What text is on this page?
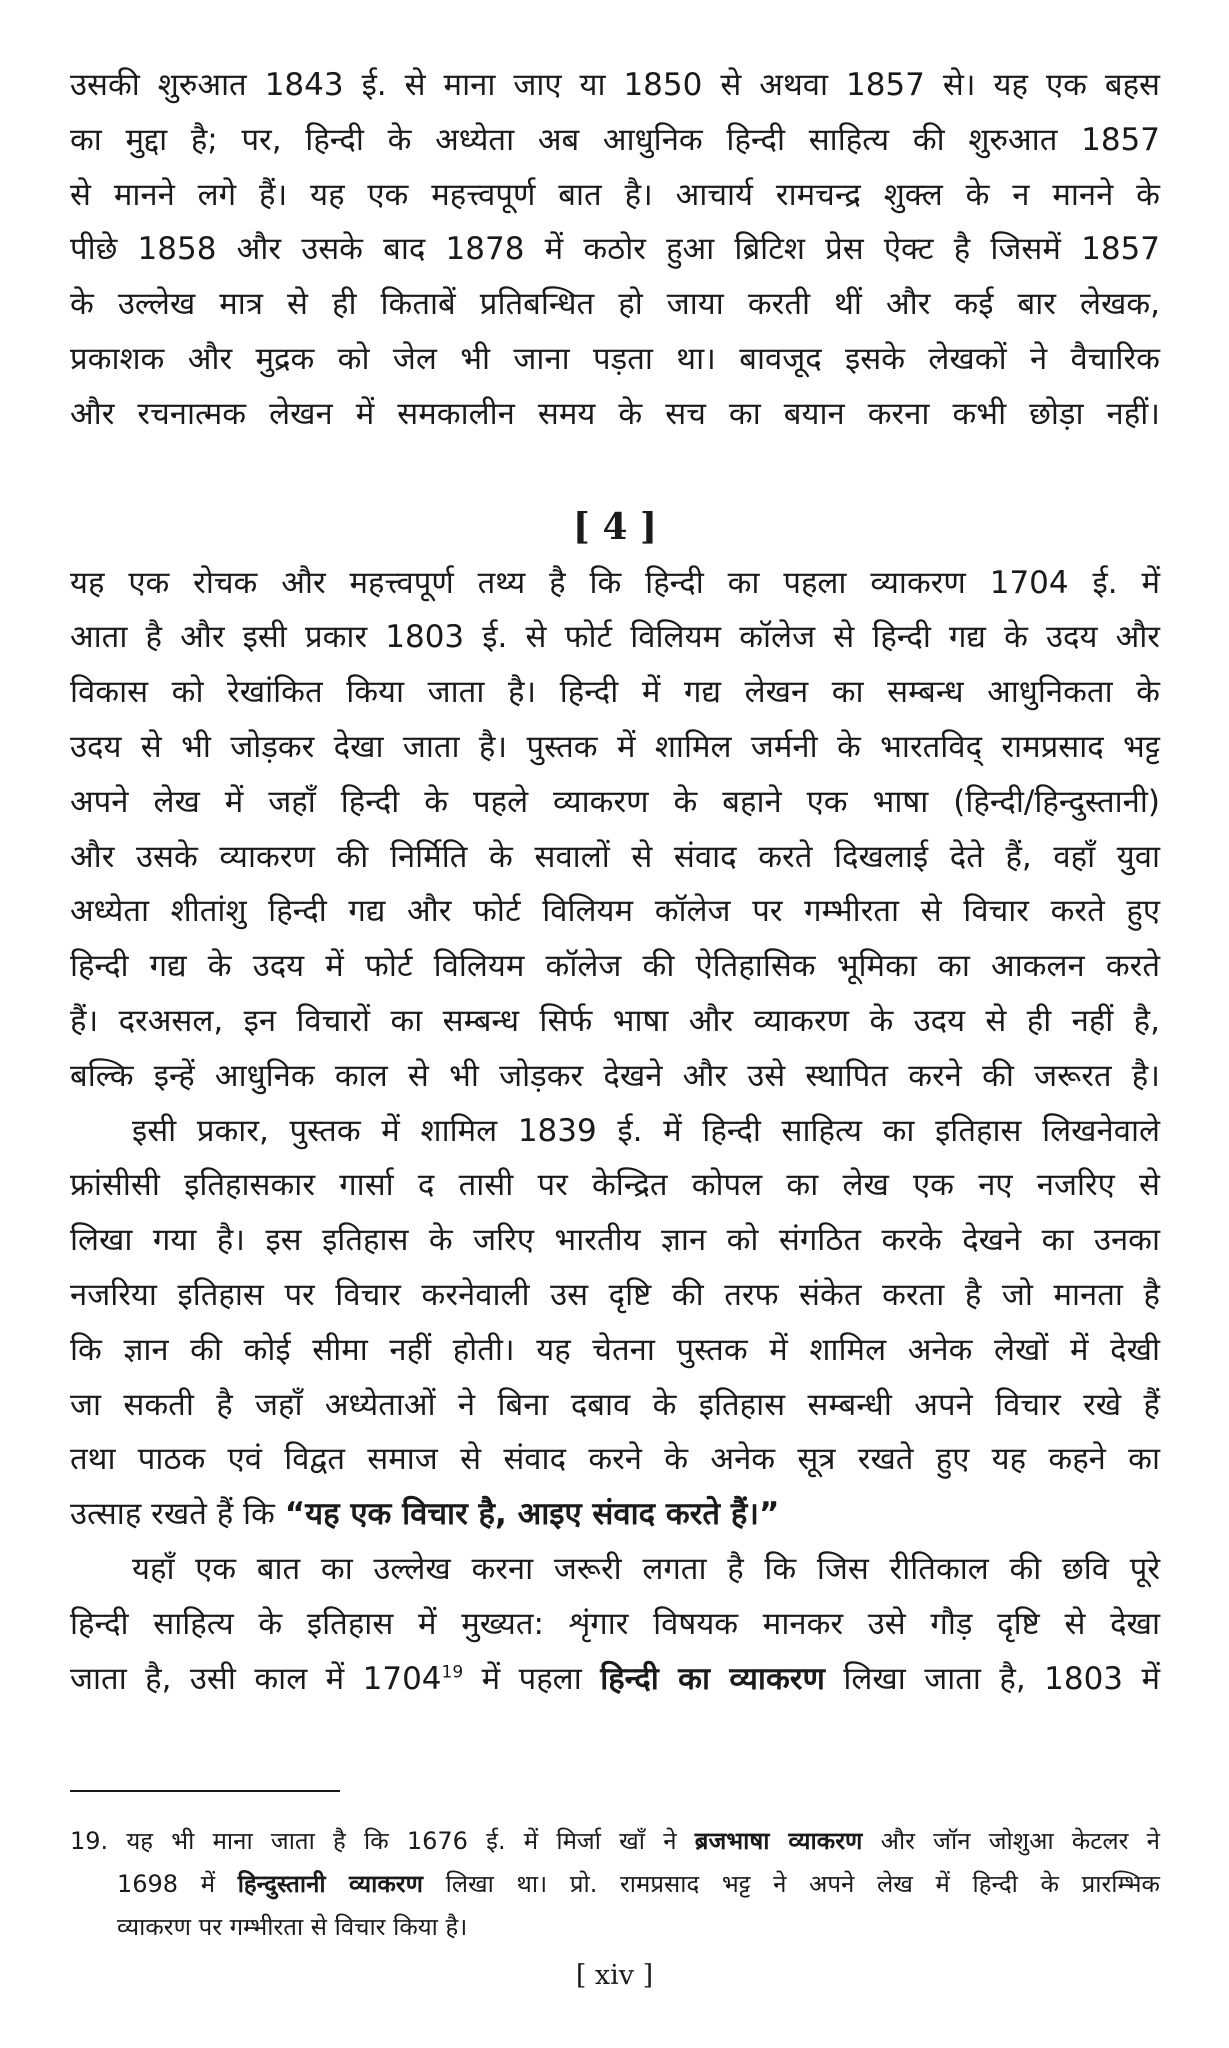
उसकी शुरुआत 1843 ई. से माना जाए या 1850 से अथवा 1857 से। यह एक बहस
का मुद्दा है; पर, हिन्दी के अध्येता अब आधुनिक हिन्दी साहित्य की शुरुआत 1857
से मानने लगे हैं। यह एक महत्त्वपूर्ण बात है। आचार्य रामचन्द्र शुक्ल के न मानने के
पीछे 1858 और उसके बाद 1878 में कठोर हुआ ब्रिटिश प्रेस ऐक्ट है जिसमें 1857
के उल्लेख मात्र से ही किताबें प्रतिबन्धित हो जाया करती थीं और कई बार लेखक,
प्रकाशक और मुद्रक को जेल भी जाना पड़ता था। बावजूद इसके लेखकों ने वैचारिक
और रचनात्मक लेखन में समकालीन समय के सच का बयान करना कभी छोड़ा नहीं।

[ 4 ]

यह एक रोचक और महत्त्वपूर्ण तथ्य है कि हिन्दी का पहला व्याकरण 1704 ई. में
आता है और इसी प्रकार 1803 ई. से फोर्ट विलियम कॉलेज से हिन्दी गद्य के उदय और
विकास को रेखांकित किया जाता है। हिन्दी में गद्य लेखन का सम्बन्ध आधुनिकता के
उदय से भी जोड़कर देखा जाता है। पुस्तक में शामिल जर्मनी के भारतविद् रामप्रसाद भट्ट
अपने लेख में जहाँ हिन्दी के पहले व्याकरण के बहाने एक भाषा (हिन्दी/हिन्दुस्तानी)
और उसके व्याकरण की निर्मिति के सवालों से संवाद करते दिखलाई देते हैं, वहाँ युवा
अध्येता शीतांशु हिन्दी गद्य और फोर्ट विलियम कॉलेज पर गम्भीरता से विचार करते हुए
हिन्दी गद्य के उदय में फोर्ट विलियम कॉलेज की ऐतिहासिक भूमिका का आकलन करते
हैं। दरअसल, इन विचारों का सम्बन्ध सिर्फ भाषा और व्याकरण के उदय से ही नहीं है,
बल्कि इन्हें आधुनिक काल से भी जोड़कर देखने और उसे स्थापित करने की जरूरत है।

इसी प्रकार, पुस्तक में शामिल 1839 ई. में हिन्दी साहित्य का इतिहास लिखनेवाले
फ्रांसीसी इतिहासकार गार्सा द तासी पर केन्द्रित कोपल का लेख एक नए नजरिए से
लिखा गया है। इस इतिहास के जरिए भारतीय ज्ञान को संगठित करके देखने का उनका
नजरिया इतिहास पर विचार करनेवाली उस दृष्टि की तरफ संकेत करता है जो मानता है
कि ज्ञान की कोई सीमा नहीं होती। यह चेतना पुस्तक में शामिल अनेक लेखों में देखी
जा सकती है जहाँ अध्येताओं ने बिना दबाव के इतिहास सम्बन्धी अपने विचार रखे हैं
तथा पाठक एवं विद्वत समाज से संवाद करने के अनेक सूत्र रखते हुए यह कहने का
उत्साह रखते हैं कि “यह एक विचार है, आइए संवाद करते हैं।”

यहाँ एक बात का उल्लेख करना जरूरी लगता है कि जिस रीतिकाल की छवि पूरे
हिन्दी साहित्य के इतिहास में मुख्यत: शृंगार विषयक मानकर उसे गौड़ दृष्टि से देखा
जाता है, उसी काल में 1704$^{19}$ में पहला हिन्दी का व्याकरण लिखा जाता है, 1803 में

19. यह भी माना जाता है कि 1676 ई. में मिर्जा खाँ ने ब्रजभाषा व्याकरण और जॉन जोशुआ केटलर ने
1698 में हिन्दुस्तानी व्याकरण लिखा था। प्रो. रामप्रसाद भट्ट ने अपने लेख में हिन्दी के प्रारम्भिक
व्याकरण पर गम्भीरता से विचार किया है।
[ xiv ]
